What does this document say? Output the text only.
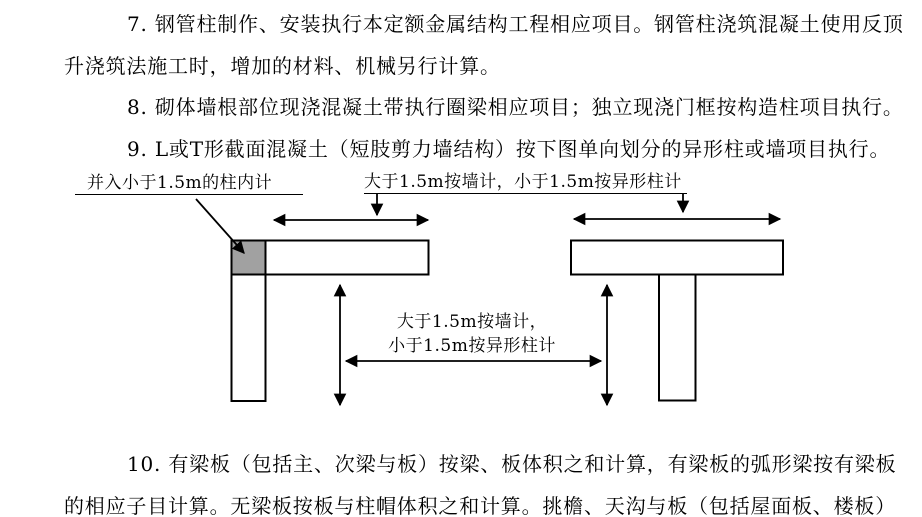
7. 钢管柱制作、安装执行本定额金属结构工程相应项目。钢管柱浇筑混凝土使用反顶
升浇筑法施工时，增加的材料、机械另行计算。
8. 砌体墙根部位现浇混凝土带执行圈梁相应项目；独立现浇门框按构造柱项目执行。
9. L或T形截面混凝土（短肢剪力墙结构）按下图单向划分的异形柱或墙项目执行。
10. 有梁板（包括主、次梁与板）按梁、板体积之和计算，有梁板的弧形梁按有梁板
的相应子目计算。无梁板按板与柱帽体积之和计算。挑檐、天沟与板（包括屋面板、楼板）
并入小于1.5m的柱内计	大于1.5m按墙计，小于1.5m按异形柱计
大于1.5m按墙计，
小于1.5m按异形柱计
